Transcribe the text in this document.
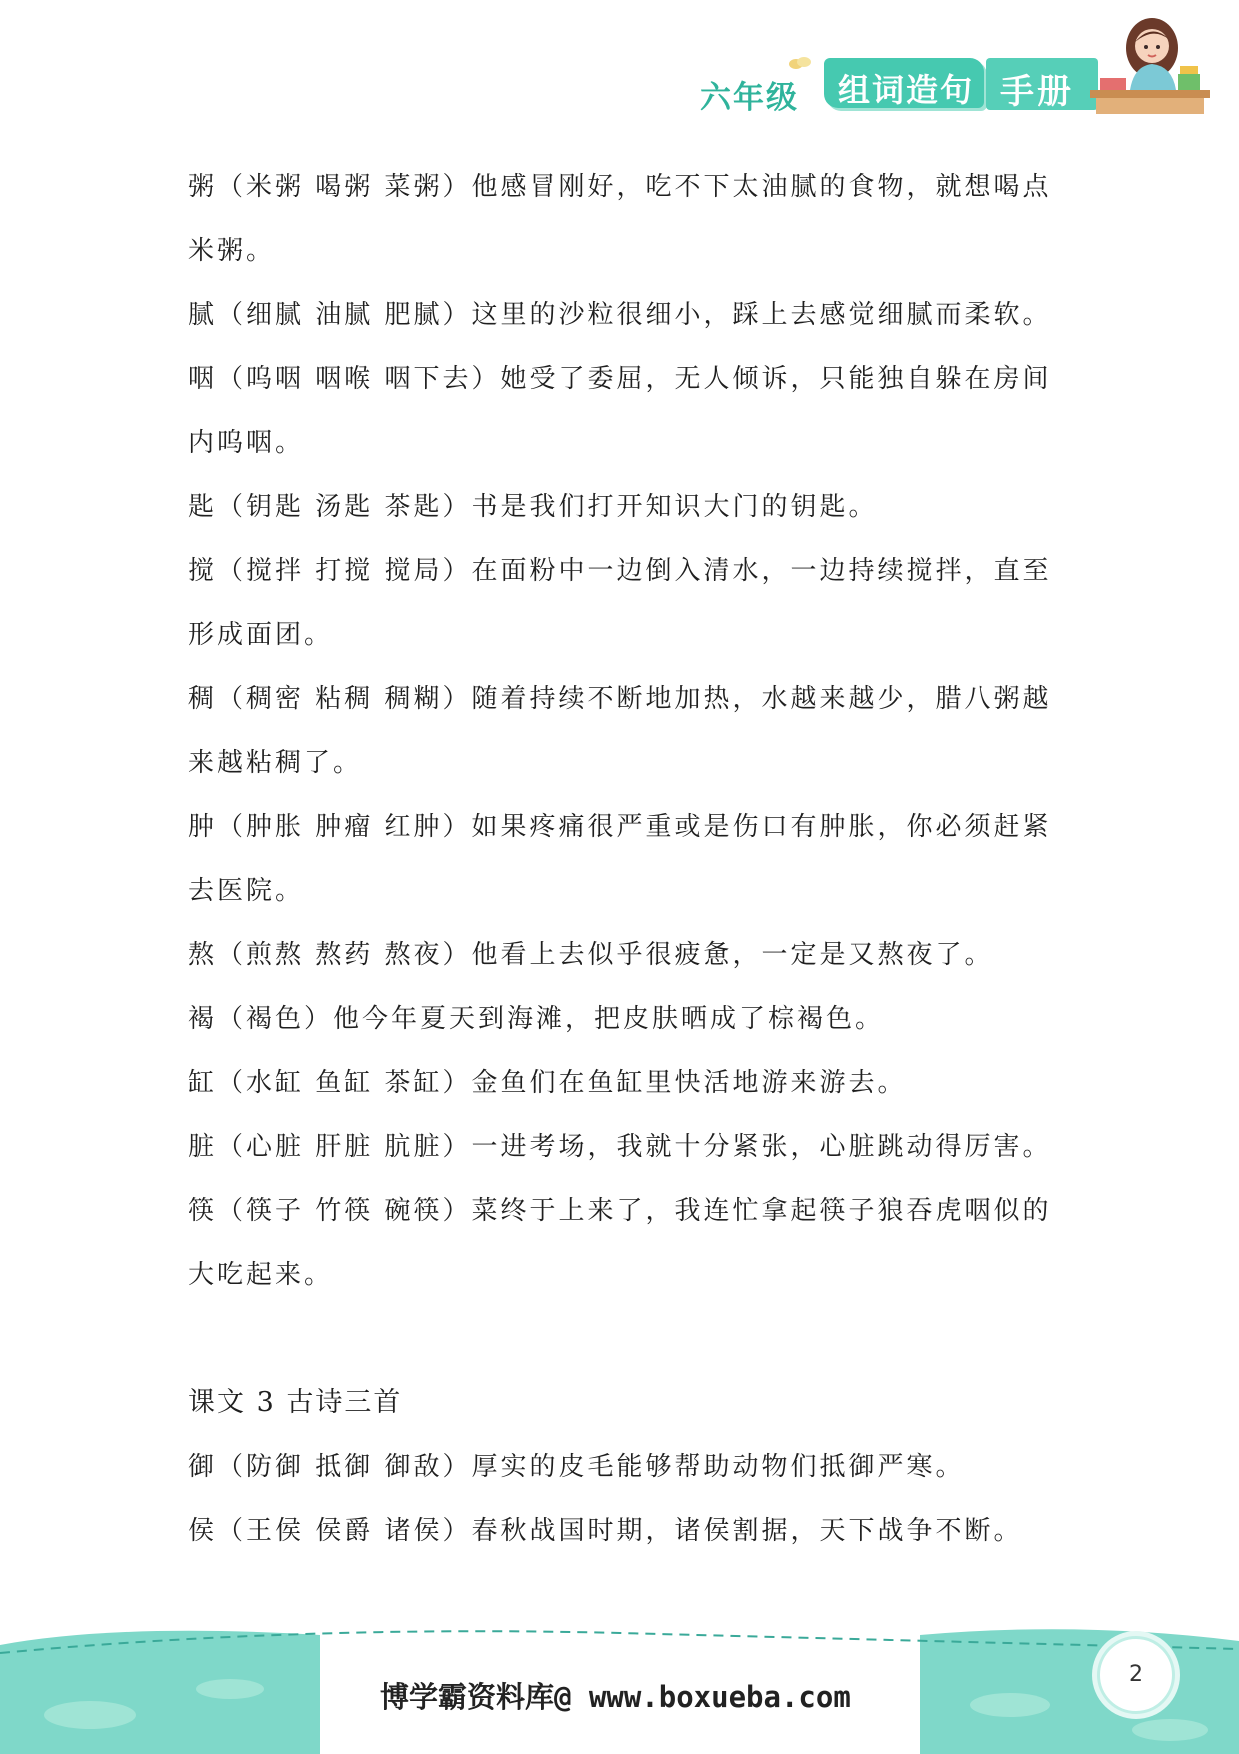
六年级 组词造句 手册

粥（米粥 喝粥 菜粥）他感冒刚好，吃不下太油腻的食物，就想喝点米粥。

腻（细腻 油腻 肥腻）这里的沙粒很细小，踩上去感觉细腻而柔软。

咽（呜咽 咽喉 咽下去）她受了委屈，无人倾诉，只能独自躲在房间内呜咽。

匙（钥匙 汤匙 茶匙）书是我们打开知识大门的钥匙。

搅（搅拌 打搅 搅局）在面粉中一边倒入清水，一边持续搅拌，直至形成面团。

稠（稠密 粘稠 稠糊）随着持续不断地加热，水越来越少，腊八粥越来越粘稠了。

肿（肿胀 肿瘤 红肿）如果疼痛很严重或是伤口有肿胀，你必须赶紧去医院。

熬（煎熬 熬药 熬夜）他看上去似乎很疲惫，一定是又熬夜了。

褐（褐色）他今年夏天到海滩，把皮肤晒成了棕褐色。

缸（水缸 鱼缸 茶缸）金鱼们在鱼缸里快活地游来游去。

脏（心脏 肝脏 肮脏）一进考场，我就十分紧张，心脏跳动得厉害。

筷（筷子 竹筷 碗筷）菜终于上来了，我连忙拿起筷子狼吞虎咽似的大吃起来。

课文 3 古诗三首

御（防御 抵御 御敌）厚实的皮毛能够帮助动物们抵御严寒。

侯（王侯 侯爵 诸侯）春秋战国时期，诸侯割据，天下战争不断。

博学霸资料库@ www.boxueba.com
2
